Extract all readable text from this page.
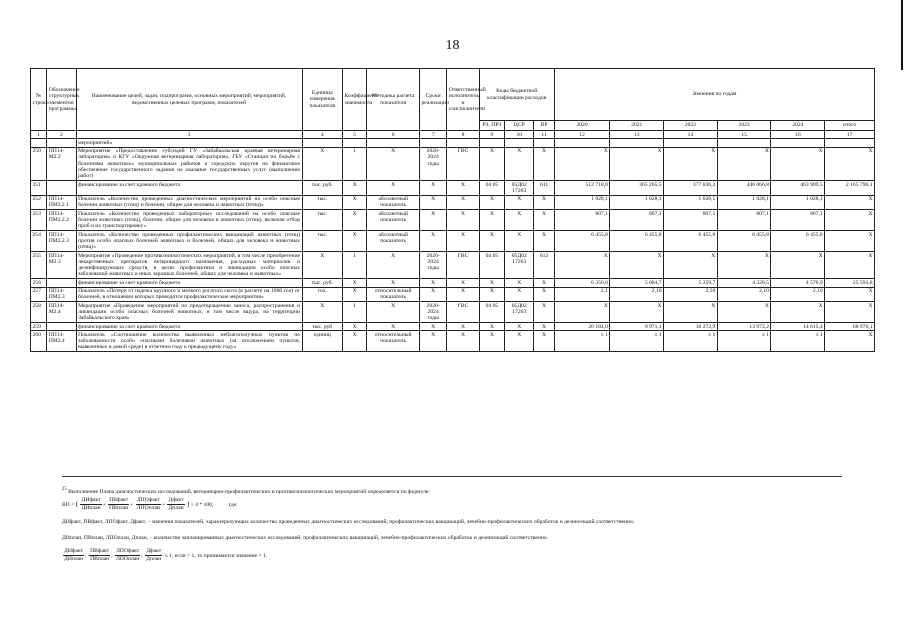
18
№ строки	Обозначение структурных элементов программы	Наименование целей, задач, подпрограмм, основных мероприятий, мероприятий, ведомственных целевых программ, показателей	Единица измерения показателя	Коэффициент значимости	Методика расчета показателя	Сроки реализации	Ответственный исполнитель и соисполнители	Коды бюджетной классификации расходов			Значения по годам					
								РЗ, ПРЗ	ЦСР	ВР	2020	2021	2022	2023	2024	итого
1	2	3	4	5	6	7	8	9	10	11	12	13	14	15	16	17
		мероприятий»														
250	ПП14-М2.2	Мероприятие «Предоставление субсидий ГУ «Забайкальская краевая ветеринарная лаборатория» и КГУ «Окружная ветеринарная лаборатория», ГБУ «Станция по борьбе с болезнями животных» муниципальных районов и городских округов на финансовое обеспечение государственного задания на оказание государственных услуг (выполнение работ)	X	1	X	2020-2024 годы	ГВС	X	X	X	X	X	X	X	X	X
251		финансирование за счет краевого бюджета	тыс. руб.	X	X	X	X	04 05	05Д02 17263	611	512 718,0	365 265,5	377 836,3	446 066,8	463 909,5	2 165 796,1
252	ПП14-ПМ2.2.1	Показатель «Количество проведенных диагностических мероприятий на особо опасные болезни животных (птиц) и болезни, общие для человека и животных (птиц)»	тыс.	X	абсолютный показатель	X	X	X	X	X	1 028,1	1 028,1	1 028,1	1 028,1	1 028,1	X
253	ПП14-ПМ2.2.2	Показатель «Количество проведенных лабораторных исследований на особо опасные болезни животных (птиц), болезни, общие для человека и животных (птиц), включая отбор проб и их транспортировку»	тыс.	X	абсолютный показатель	X	X	X	X	X	807,1	807,1	807,1	807,1	807,1	X
254	ПП14-ПМ2.2.3	Показатель «Количество проведенных профилактических вакцинаций животных (птиц) против особо опасных болезней животных и болезней, общих для человека и животных (птиц)»	тыс.	X	абсолютный показатель	X	X	X	X	X	6 455,8	6 455,8	6 455,8	6 455,8	6 455,8	X
255	ПП14-М2.3	Мероприятие «Проведение противоэпизоотических мероприятий, в том числе приобретение лекарственных препаратов ветеринарного назначения, расходных материалов и дезинфицирующих средств, в целях профилактики и ликвидации особо опасных заболеваний животных и иных заразных болезней, общих для человека и животных»	X	1	X	2020-2024 годы	ГВС	04 05	05Д02 17263	612	X	X	X	X	X	X
256		финансирование за счет краевого бюджета	тыс. руб.	X	X	X	X	X	X	X	6 350,0	5 084,7	5 259,7	4 328,5	4 570,9	25 593,8
257	ПП14-ПМ2.3	Показатель «Потери от падежа крупного и мелкого рогатого скота (в расчете на 1000 гол) от болезней, в отношении которых проводятся профилактические мероприятия»	гол.	X	относительный показатель	X	X	X	X	X	2,1	2,10	2,10	2,10	2,10	X
258	ПП14-М2.4	Мероприятие «Проведение мероприятий по предотвращению заноса, распространения и ликвидации особо опасных болезней животных, в том числе ящура, на территории Забайкальского края»	X	1	X	2020-2024 годы	ГВС	04 05	05Д02 17263	X	X	X	X	X	X	X
259		финансирование за счет краевого бюджета	тыс. руб	X	X	X	X	X	X	X	20 184,0	9 971,1	10 272,9	13 972,2	14 615,4	68 976,1
260	ПП14-ПМ2.4	Показатель «Соотношение количества выявленных неблагополучных пунктов по заболеваемости особо опасными болезнями животных (за исключением пунктов, выявленных в дикой среде) в отчетном году к предыдущему году»	единиц	X	относительный показатель	X	X	X	X	X	≤ 1	≤ 1	≤ 1	≤ 1	≤ 1	X
$^{25}$ Выполнение Плана диагностических исследований, ветеринарно-профилактических и противоэпизоотических мероприятий определяется по формуле:
ВП = ( $\frac{\text{ДИфакт}}{\text{ДИплан}} + \frac{\text{ПВфакт}}{\text{ПВплан}} + \frac{\text{ЛПОфакт}}{\text{ЛПОплан}} + \frac{\text{Дфакт}}{\text{Дплан}}$ ) ÷ 4 * 100,	где:
ДИфакт, ПВфакт, ЛПОфакт, Дфакт, – значения показателей, характеризующих количество проведенных диагностических исследований, профилактических вакцинаций, лечебно-профилактических обработок и дезинсекций соответственно;
ДИплан, ПВплан, ЛПОплан, Дплан, – количество запланированных диагностических исследований, профилактических вакцинаций, лечебно-профилактических обработок и дезинсекций соответственно.
$\frac{\text{ДИфакт}}{\text{ДИплан}}$ ; $\frac{\text{ПВфакт}}{\text{ПВплан}}$ ; $\frac{\text{ЛПОфакт}}{\text{ЛПОплан}}$ ; $\frac{\text{Дфакт}}{\text{Дплан}} \le 1$, если > 1, то принимается значение = 1.
